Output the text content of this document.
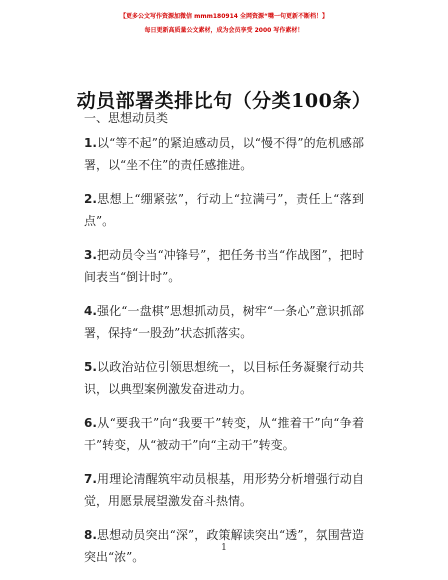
【更多公文写作资源加微信 mmm180914 全网资源“嘴一句更新不断档！】
每日更新高质量公文素材，成为会员享受 2000 写作素材！
动员部署类排比句（分类100条）
一、思想动员类

1.以“等不起”的紧迫感动员，以“慢不得”的危机感部署，以“坐不住”的责任感推进。

2.思想上“绷紧弦”，行动上“拉满弓”，责任上“落到点”。

3.把动员令当“冲锋号”，把任务书当“作战图”，把时间表当“倒计时”。

4.强化“一盘棋”思想抓动员，树牢“一条心”意识抓部署，保持“一股劲”状态抓落实。

5.以政治站位引领思想统一，以目标任务凝聚行动共识，以典型案例激发奋进动力。

6.从“要我干”向“我要干”转变，从“推着干”向“争着干”转变，从“被动干”向“主动干”转变。

7.用理论清醒筑牢动员根基，用形势分析增强行动自觉，用愿景展望激发奋斗热情。

8.思想动员突出“深”，政策解读突出“透”，氛围营造突出“浓”。

1
